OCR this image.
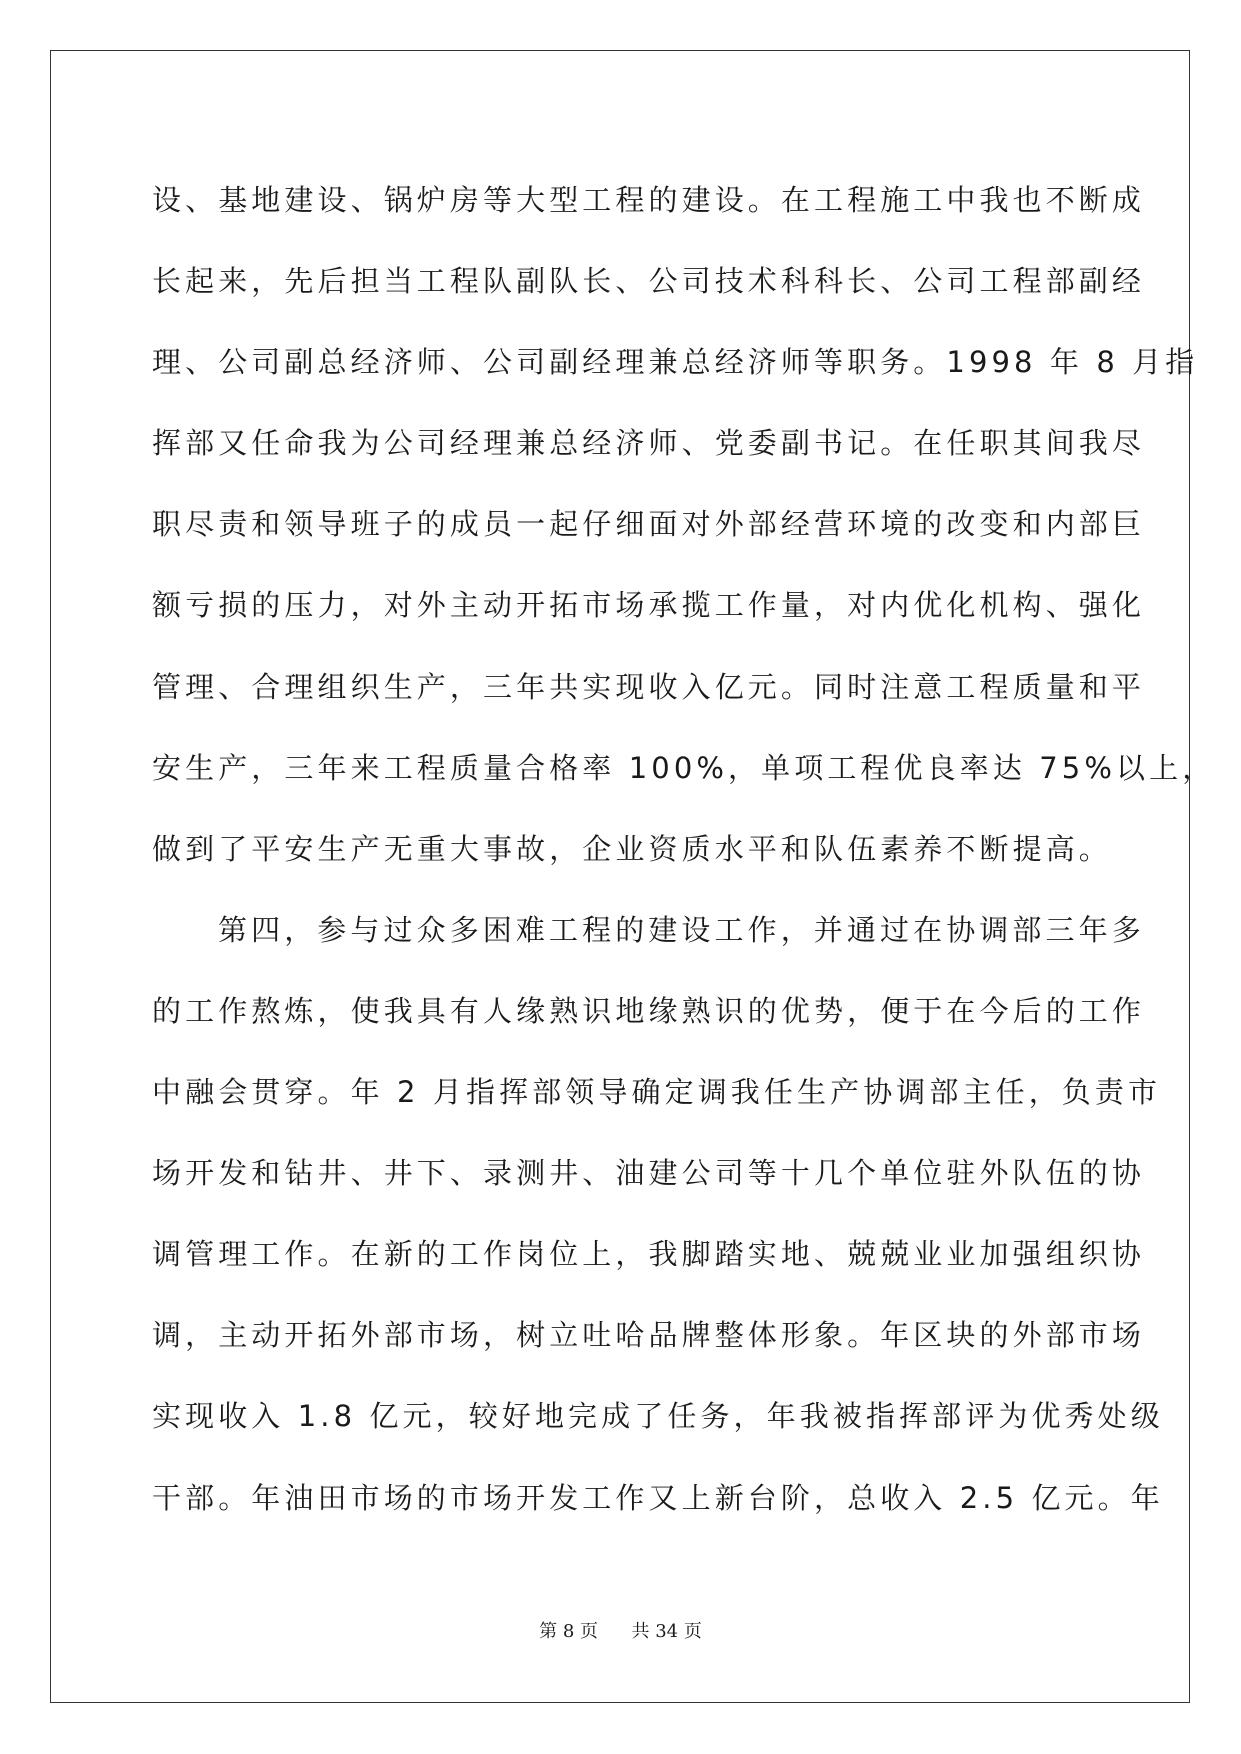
设、基地建设、锅炉房等大型工程的建设。在工程施工中我也不断成
长起来，先后担当工程队副队长、公司技术科科长、公司工程部副经
理、公司副总经济师、公司副经理兼总经济师等职务。1998 年 8 月指
挥部又任命我为公司经理兼总经济师、党委副书记。在任职其间我尽
职尽责和领导班子的成员一起仔细面对外部经营环境的改变和内部巨
额亏损的压力，对外主动开拓市场承揽工作量，对内优化机构、强化
管理、合理组织生产，三年共实现收入亿元。同时注意工程质量和平
安生产，三年来工程质量合格率 100%，单项工程优良率达 75%以上，
做到了平安生产无重大事故，企业资质水平和队伍素养不断提高。
第四，参与过众多困难工程的建设工作，并通过在协调部三年多
的工作熬炼，使我具有人缘熟识地缘熟识的优势，便于在今后的工作
中融会贯穿。年 2 月指挥部领导确定调我任生产协调部主任，负责市
场开发和钻井、井下、录测井、油建公司等十几个单位驻外队伍的协
调管理工作。在新的工作岗位上，我脚踏实地、兢兢业业加强组织协
调，主动开拓外部市场，树立吐哈品牌整体形象。年区块的外部市场
实现收入 1.8 亿元，较好地完成了任务，年我被指挥部评为优秀处级
干部。年油田市场的市场开发工作又上新台阶，总收入 2.5 亿元。年
第 8 页 共 34 页
